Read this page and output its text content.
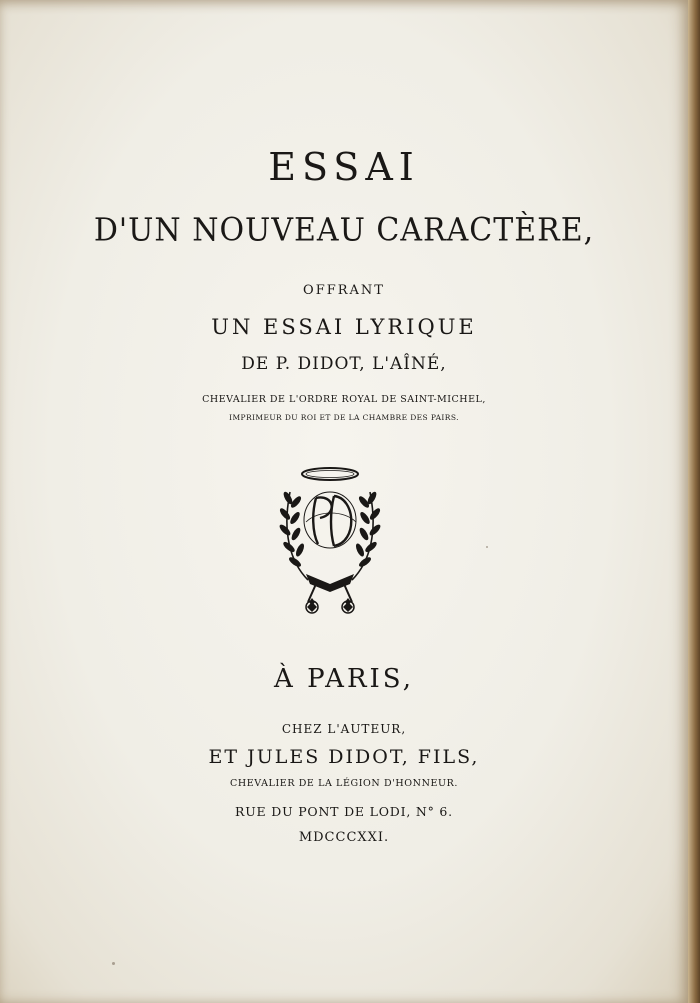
ESSAI
D'UN NOUVEAU CARACTÈRE,
OFFRANT
UN ESSAI LYRIQUE
DE P. DIDOT, L'AÎNÉ,
CHEVALIER DE L'ORDRE ROYAL DE SAINT-MICHEL,
IMPRIMEUR DU ROI ET DE LA CHAMBRE DES PAIRS.
À PARIS,
CHEZ L'AUTEUR,
ET JULES DIDOT, FILS,
CHEVALIER DE LA LÉGION D'HONNEUR.
RUE DU PONT DE LODI, N° 6.
MDCCCXXI.
